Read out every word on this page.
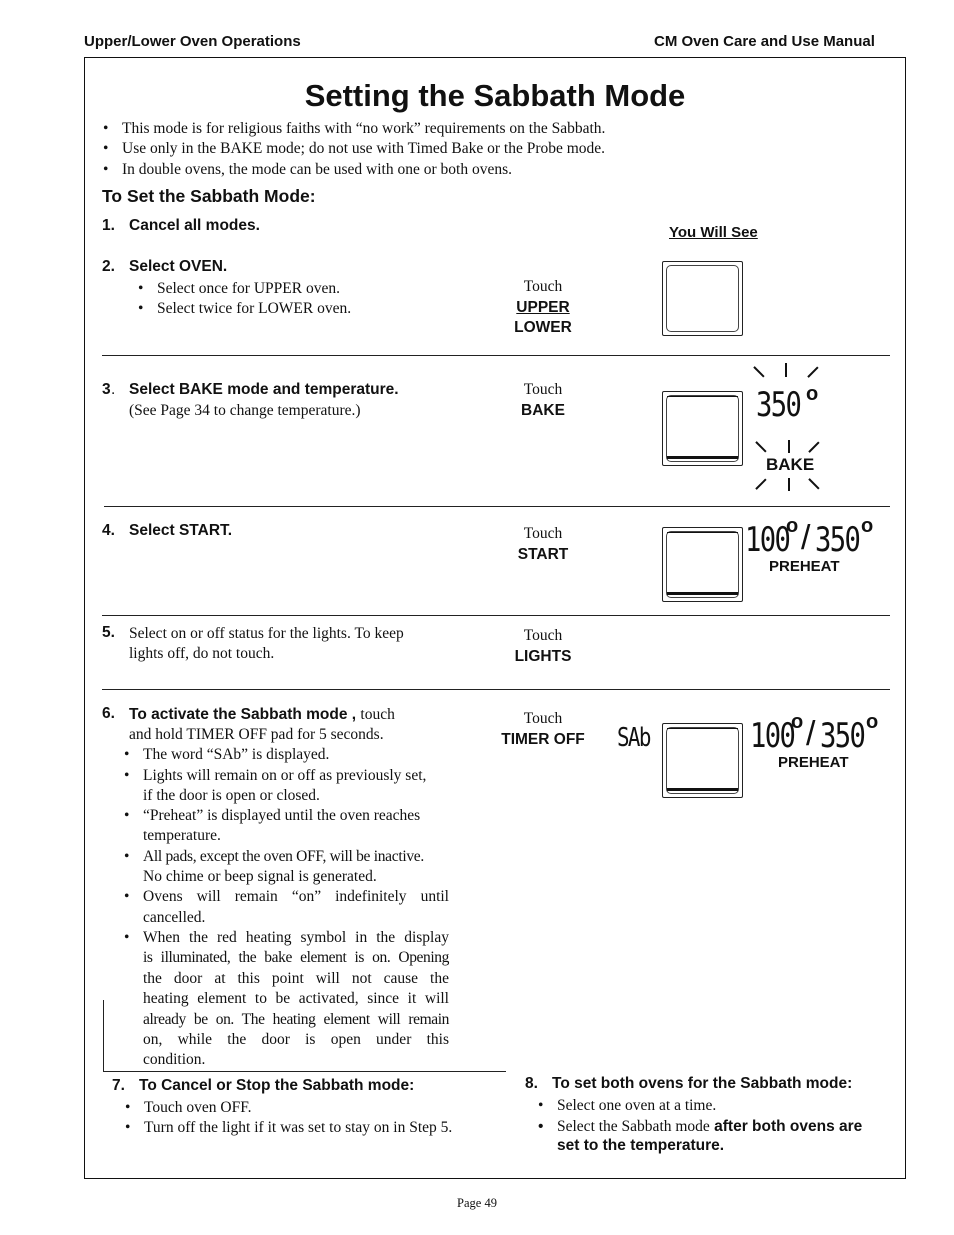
Upper/Lower Oven Operations	CM Oven Care and Use Manual
Setting the Sabbath Mode
• This mode is for religious faiths with “no work” requirements on the Sabbath.
• Use only in the BAKE mode; do not use with Timed Bake or the Probe mode.
• In double ovens, the mode can be used with one or both ovens.
To Set the Sabbath Mode:
1. Cancel all modes.	You Will See
2. Select OVEN.
• Select once for UPPER oven.
• Select twice for LOWER oven.
Touch
UPPER
LOWER
3 . Select BAKE mode and temperature.
(See Page 34 to change temperature.)
Touch
BAKE	350 o
BAKE
4. Select START.	Touch
START	100
o / 350 o
PREHEAT
5. Select on or off status for the lights. To keep
lights off, do not touch.
Touch
LIGHTS
6. To activate the Sabbath mode , touch
and hold TIMER OFF pad for 5 seconds.
• The word “SAb” is displayed.
• Lights will remain on or off as previously set,
if the door is open or closed.
• “Preheat” is displayed until the oven reaches
temperature.
• All pads, except the oven OFF, will be inactive.
No chime or beep signal is generated.
• Ovens will remain “on” indefinitely until
cancelled.
• When the red heating symbol in the display
is illuminated, the bake element is on. Opening
the door at this point will not cause the
heating element to be activated, since it will
already be on. The heating element will remain
on, while the door is open under this
condition.
Touch
TIMER OFF	SAb	100
o / 350 o
PREHEAT
7. To Cancel or Stop the Sabbath mode:
• Touch oven OFF.
• Turn off the light if it was set to stay on in Step 5.
8. To set both ovens for the Sabbath mode:
• Select one oven at a time.
• Select the Sabbath mode after both ovens are
set to the temperature.
Page 49
